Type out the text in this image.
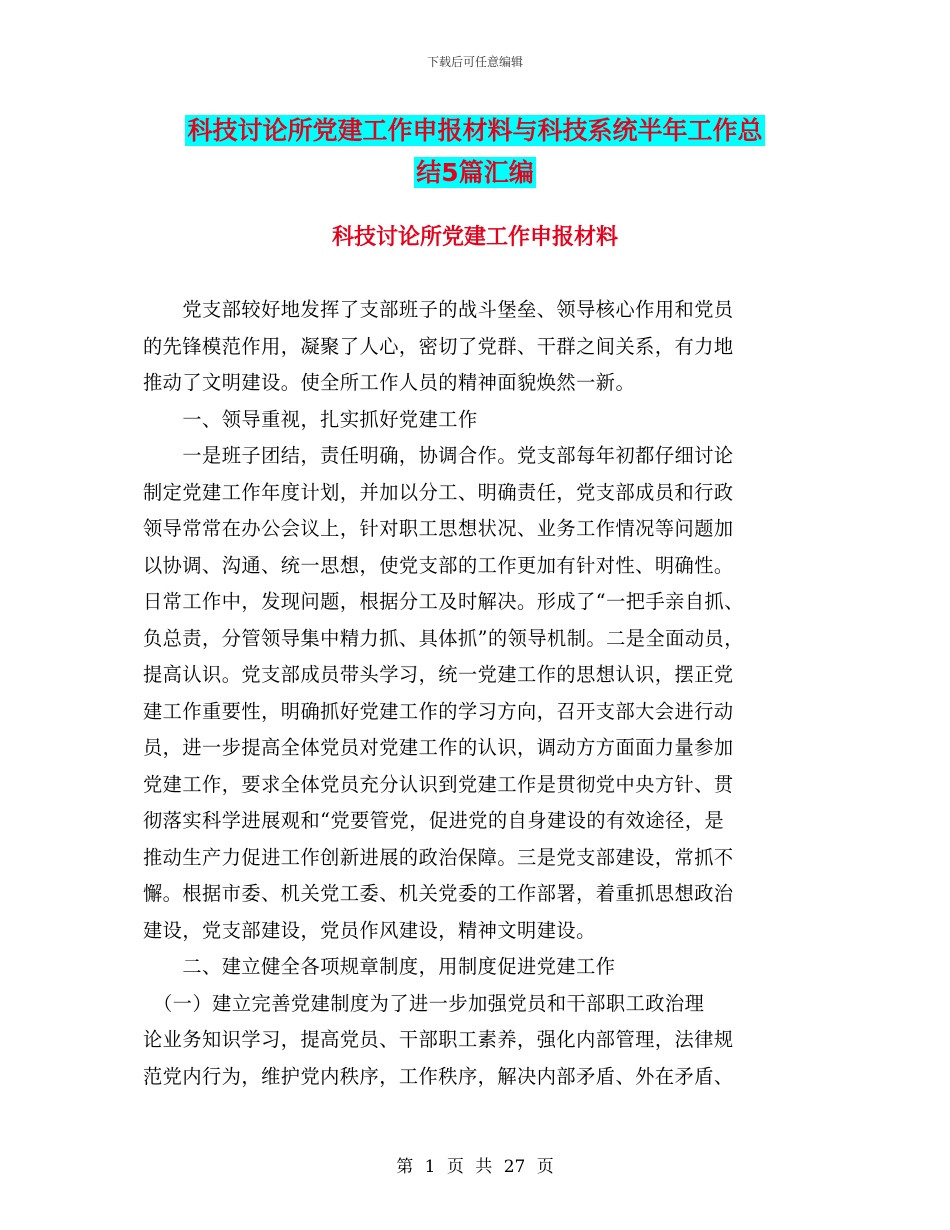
下载后可任意编辑
科技讨论所党建工作申报材料与科技系统半年工作总
结5篇汇编
科技讨论所党建工作申报材料
　　党支部较好地发挥了支部班子的战斗堡垒、领导核心作用和党员
的先锋模范作用，凝聚了人心，密切了党群、干群之间关系，有力地
推动了文明建设。使全所工作人员的精神面貌焕然一新。
　　一、领导重视，扎实抓好党建工作
　　一是班子团结，责任明确，协调合作。党支部每年初都仔细讨论
制定党建工作年度计划，并加以分工、明确责任，党支部成员和行政
领导常常在办公会议上，针对职工思想状况、业务工作情况等问题加
以协调、沟通、统一思想，使党支部的工作更加有针对性、明确性。
日常工作中，发现问题，根据分工及时解决。形成了“一把手亲自抓、
负总责，分管领导集中精力抓、具体抓”的领导机制。二是全面动员，
提高认识。党支部成员带头学习，统一党建工作的思想认识，摆正党
建工作重要性，明确抓好党建工作的学习方向，召开支部大会进行动
员，进一步提高全体党员对党建工作的认识，调动方方面面力量参加
党建工作，要求全体党员充分认识到党建工作是贯彻党中央方针、贯
彻落实科学进展观和“党要管党，促进党的自身建设的有效途径，是
推动生产力促进工作创新进展的政治保障。三是党支部建设，常抓不
懈。根据市委、机关党工委、机关党委的工作部署，着重抓思想政治
建设，党支部建设，党员作风建设，精神文明建设。
　　二、建立健全各项规章制度，用制度促进党建工作
　（一）建立完善党建制度为了进一步加强党员和干部职工政治理
论业务知识学习，提高党员、干部职工素养，强化内部管理，法律规
范党内行为，维护党内秩序，工作秩序，解决内部矛盾、外在矛盾、
第 1 页 共 27 页
